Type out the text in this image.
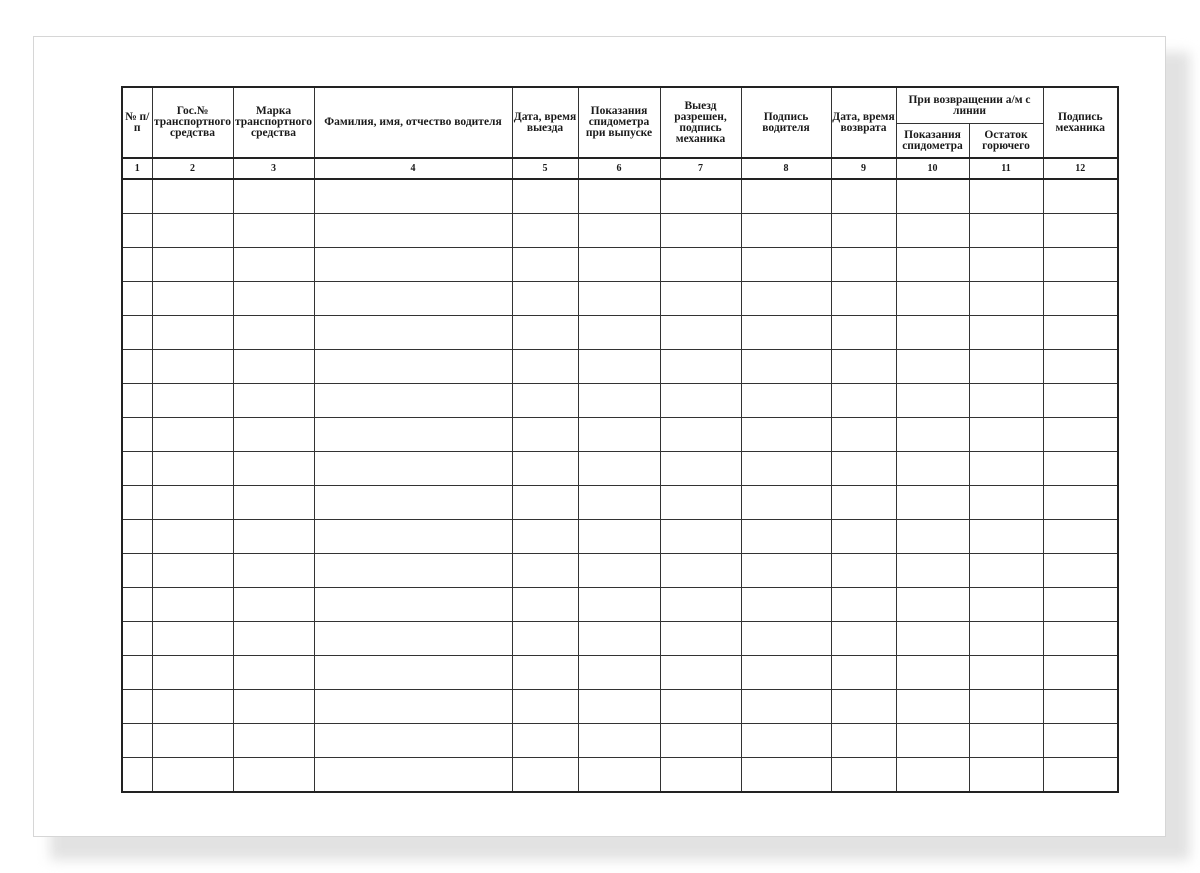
№ п/п	Гос.№ транспортного средства	Марка транспортного средства	Фамилия, имя, отчество водителя	Дата, время выезда	Показания спидометра при выпуске	Выезд разрешен, подпись механика	Подпись водителя	Дата, время возврата	При возвращении а/м с линии		Подпись механика
									Показания спидометра	Остаток горючего	
1	2	3	4	5	6	7	8	9	10	11	12
